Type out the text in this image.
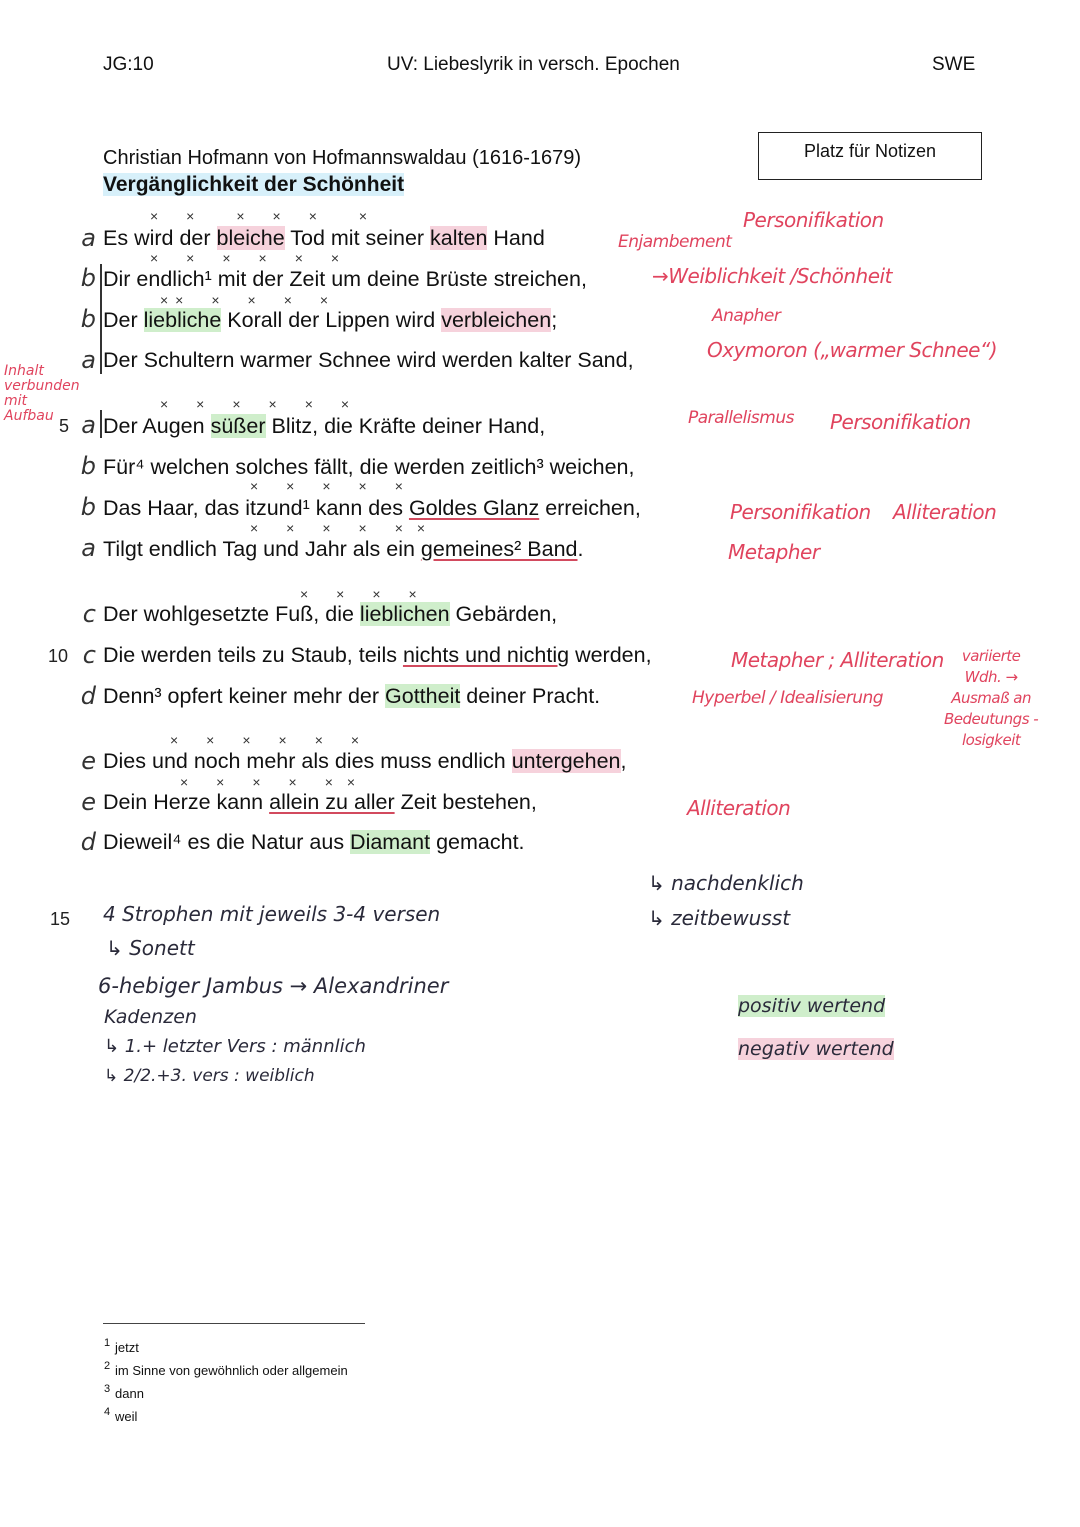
JG:10	UV: Liebeslyrik in versch. Epochen	SWE
Platz für Notizen
Christian Hofmann von Hofmannswaldau (1616-1679)
Vergänglichkeit der Schönheit
Inhalt
verbunden
mit
Aufbau
a Es wird der bleiche Tod mit seiner kalten Hand
b Dir endlich¹ mit der Zeit um deine Brüste streichen,
b Der liebliche Korall der Lippen wird verbleichen;
a Der Schultern warmer Schnee wird werden kalter Sand,
5 a Der Augen süßer Blitz, die Kräfte deiner Hand,
b Für⁴ welchen solches fällt, die werden zeitlich³ weichen,
b Das Haar, das itzund¹ kann des Goldes Glanz erreichen,
a Tilgt endlich Tag und Jahr als ein gemeines² Band.
c Der wohlgesetzte Fuß, die lieblichen Gebärden,
10 c Die werden teils zu Staub, teils nichts und nichtig werden,
d Denn³ opfert keiner mehr der Gottheit deiner Pracht.
e Dies und noch mehr als dies muss endlich untergehen,
e Dein Herze kann allein zu aller Zeit bestehen,
d Dieweil⁴ es die Natur aus Diamant gemacht.
×  ×   ×  ×  ×   ×
×  ×  ×  ×  ×  ×
× ×  ×  ×  ×  ×
×  ×  ×  ×  ×  ×
×  ×  ×  ×  ×
×  ×  ×  ×  × ×
×  ×  ×  ×
×  ×  ×  ×  ×  ×
×  ×  ×  ×  × ×
Enjambement
Personifikation
→Weiblichkeit /Schönheit
Anapher
Oxymoron („warmer Schnee“)
Parallelismus Personifikation
Personifikation Alliteration
Metapher
Metapher ; Alliteration
Hyperbel / Idealisierung
variierte
Wdh. →
Ausmaß an
Bedeutungs -
losigkeit
Alliteration
↳ nachdenklich
↳ zeitbewusst
15 4 Strophen mit jeweils 3-4 versen
↳ Sonett
6-hebiger Jambus → Alexandriner
Kadenzen
↳ 1.+ letzter Vers : männlich
↳ 2/2.+3. vers : weiblich
positiv wertend
negativ wertend
1 jetzt
2 im Sinne von gewöhnlich oder allgemein
3 dann
4 weil
